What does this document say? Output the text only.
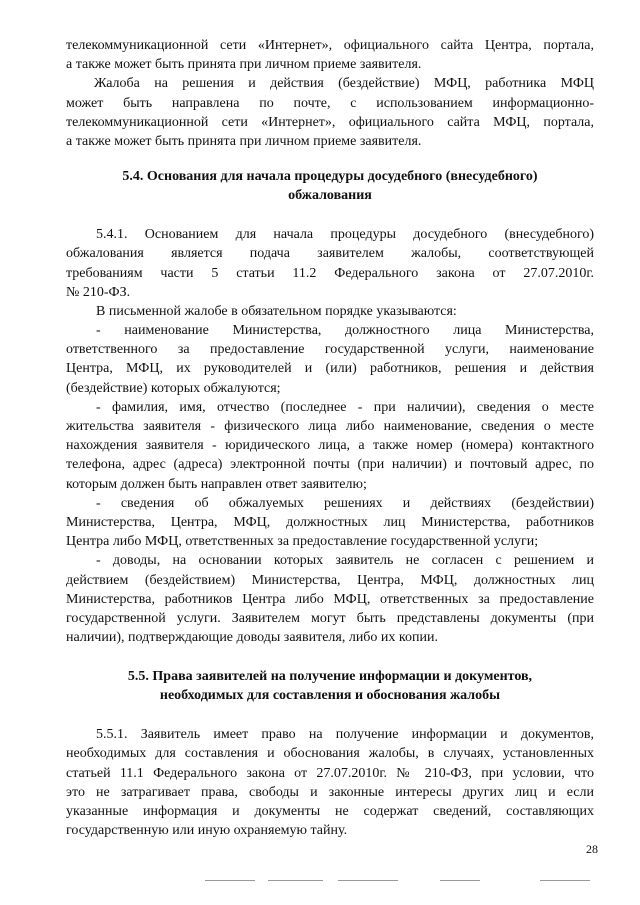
телекоммуникационной сети «Интернет», официального сайта Центра, портала,
а также может быть принята при личном приеме заявителя.
Жалоба на решения и действия (бездействие) МФЦ, работника МФЦ
может быть направлена по почте, с использованием информационно-
телекоммуникационной сети «Интернет», официального сайта МФЦ, портала,
а также может быть принята при личном приеме заявителя.
5.4. Основания для начала процедуры досудебного (внесудебного)
обжалования
5.4.1. Основанием для начала процедуры досудебного (внесудебного)
обжалования является подача заявителем жалобы, соответствующей
требованиям части 5 статьи 11.2 Федерального закона от 27.07.2010г.
№ 210-ФЗ.
В письменной жалобе в обязательном порядке указываются:
- наименование Министерства, должностного лица Министерства,
ответственного за предоставление государственной услуги, наименование
Центра, МФЦ, их руководителей и (или) работников, решения и действия
(бездействие) которых обжалуются;
- фамилия, имя, отчество (последнее - при наличии), сведения о месте
жительства заявителя - физического лица либо наименование, сведения о месте
нахождения заявителя - юридического лица, а также номер (номера) контактного
телефона, адрес (адреса) электронной почты (при наличии) и почтовый адрес, по
которым должен быть направлен ответ заявителю;
- сведения об обжалуемых решениях и действиях (бездействии)
Министерства, Центра, МФЦ, должностных лиц Министерства, работников
Центра либо МФЦ, ответственных за предоставление государственной услуги;
- доводы, на основании которых заявитель не согласен с решением и
действием (бездействием) Министерства, Центра, МФЦ, должностных лиц
Министерства, работников Центра либо МФЦ, ответственных за предоставление
государственной услуги. Заявителем могут быть представлены документы (при
наличии), подтверждающие доводы заявителя, либо их копии.
5.5. Права заявителей на получение информации и документов,
необходимых для составления и обоснования жалобы
5.5.1. Заявитель имеет право на получение информации и документов,
необходимых для составления и обоснования жалобы, в случаях, установленных
статьей 11.1 Федерального закона от 27.07.2010г. № 210-ФЗ, при условии, что
это не затрагивает права, свободы и законные интересы других лиц и если
указанные информация и документы не содержат сведений, составляющих
государственную или иную охраняемую тайну.
28
